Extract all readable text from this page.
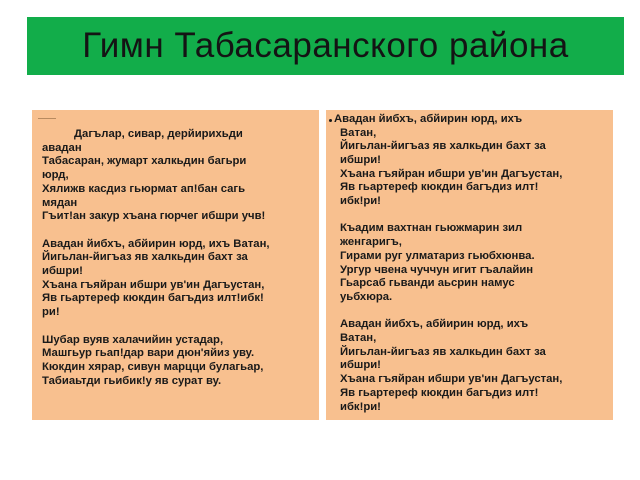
Гимн Табасаранского района
Дагълар, сивар, дерйирихьди
авадан
Табасаран, жумарт халкьдин багьри
юрд,
Хялижв касдиз гьюрмат ап!бан сагь
мядан
Гъит!ан закур хъана гюрчег ибшри учв!

Авадан йибхъ, абйирин юрд, ихъ Ватан,
Йигьлан-йигъаз яв халкьдин бахт за
ибшри!
Хъана гъяйран ибшри ув'ин Дагъустан,
Яв гьартереф кюкдин багъдиз илт!ибк!
ри!

Шубар вуяв халачийин устадар,
Машгьур гьап!дар вари дюн'яйиз уву.
Кюкдин хярар, сивун марцци булагьар,
Табиаьтди гьибик!у яв сурат ву.
Авадан йибхъ, абйирин юрд, ихъ
Ватан,
Йигьлан-йигъаз яв халкьдин бахт за
ибшри!
Хъана гъяйран ибшри ув'ин Дагъустан,
Яв гьартереф кюкдин багъдиз илт!
ибк!ри!

Къадим вахтнан гьюжмарин зил
женгаригъ,
Гирами руг улматариз гьюбхюнва.
Ургур чвена чуччун игит гъалайин
Гьарсаб гьванди аьсрин намус
уьбхюра.

Авадан йибхъ, абйирин юрд, ихъ
Ватан,
Йигьлан-йигъаз яв халкьдин бахт за
ибшри!
Хъана гъяйран ибшри ув'ин Дагъустан,
Яв гьартереф кюкдин багъдиз илт!
ибк!ри!
